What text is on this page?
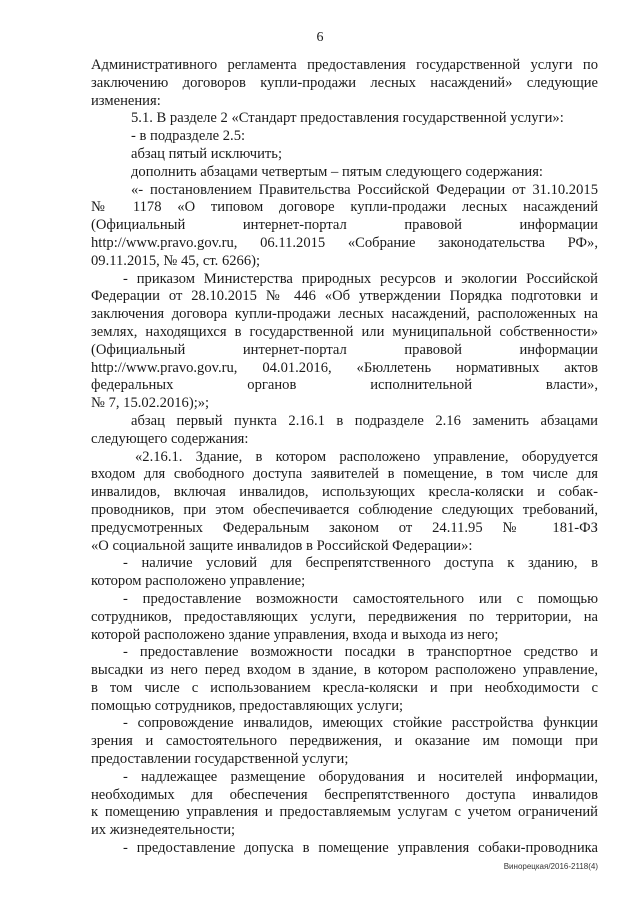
6
Административного регламента предоставления государственной услуги по
заключению договоров купли-продажи лесных насаждений» следующие
изменения:
5.1. В разделе 2 «Стандарт предоставления государственной услуги»:
- в подразделе 2.5:
абзац пятый исключить;
дополнить абзацами четвертым – пятым следующего содержания:
«- постановлением Правительства Российской Федерации от 31.10.2015
№ 1178 «О типовом договоре купли-продажи лесных насаждений
(Официальный интернет-портал правовой информации
http://www.pravo.gov.ru, 06.11.2015 «Собрание законодательства РФ»,
09.11.2015, № 45, ст. 6266);
- приказом Министерства природных ресурсов и экологии Российской
Федерации от 28.10.2015 № 446 «Об утверждении Порядка подготовки и
заключения договора купли-продажи лесных насаждений, расположенных на
землях, находящихся в государственной или муниципальной собственности»
(Официальный интернет-портал правовой информации
http://www.pravo.gov.ru, 04.01.2016, «Бюллетень нормативных актов
федеральных органов исполнительной власти»,
№ 7, 15.02.2016);»;
абзац первый пункта 2.16.1 в подразделе 2.16 заменить абзацами
следующего содержания:
«2.16.1. Здание, в котором расположено управление, оборудуется
входом для свободного доступа заявителей в помещение, в том числе для
инвалидов, включая инвалидов, использующих кресла-коляски и собак-
проводников, при этом обеспечивается соблюдение следующих требований,
предусмотренных Федеральным законом от 24.11.95 № 181-ФЗ
«О социальной защите инвалидов в Российской Федерации»:
- наличие условий для беспрепятственного доступа к зданию, в
котором расположено управление;
- предоставление возможности самостоятельного или с помощью
сотрудников, предоставляющих услуги, передвижения по территории, на
которой расположено здание управления, входа и выхода из него;
- предоставление возможности посадки в транспортное средство и
высадки из него перед входом в здание, в котором расположено управление,
в том числе с использованием кресла-коляски и при необходимости с
помощью сотрудников, предоставляющих услуги;
- сопровождение инвалидов, имеющих стойкие расстройства функции
зрения и самостоятельного передвижения, и оказание им помощи при
предоставлении государственной услуги;
- надлежащее размещение оборудования и носителей информации,
необходимых для обеспечения беспрепятственного доступа инвалидов
к помещению управления и предоставляемым услугам с учетом ограничений
их жизнедеятельности;
- предоставление допуска в помещение управления собаки-проводника
Винорецкая/2016-2118(4)
